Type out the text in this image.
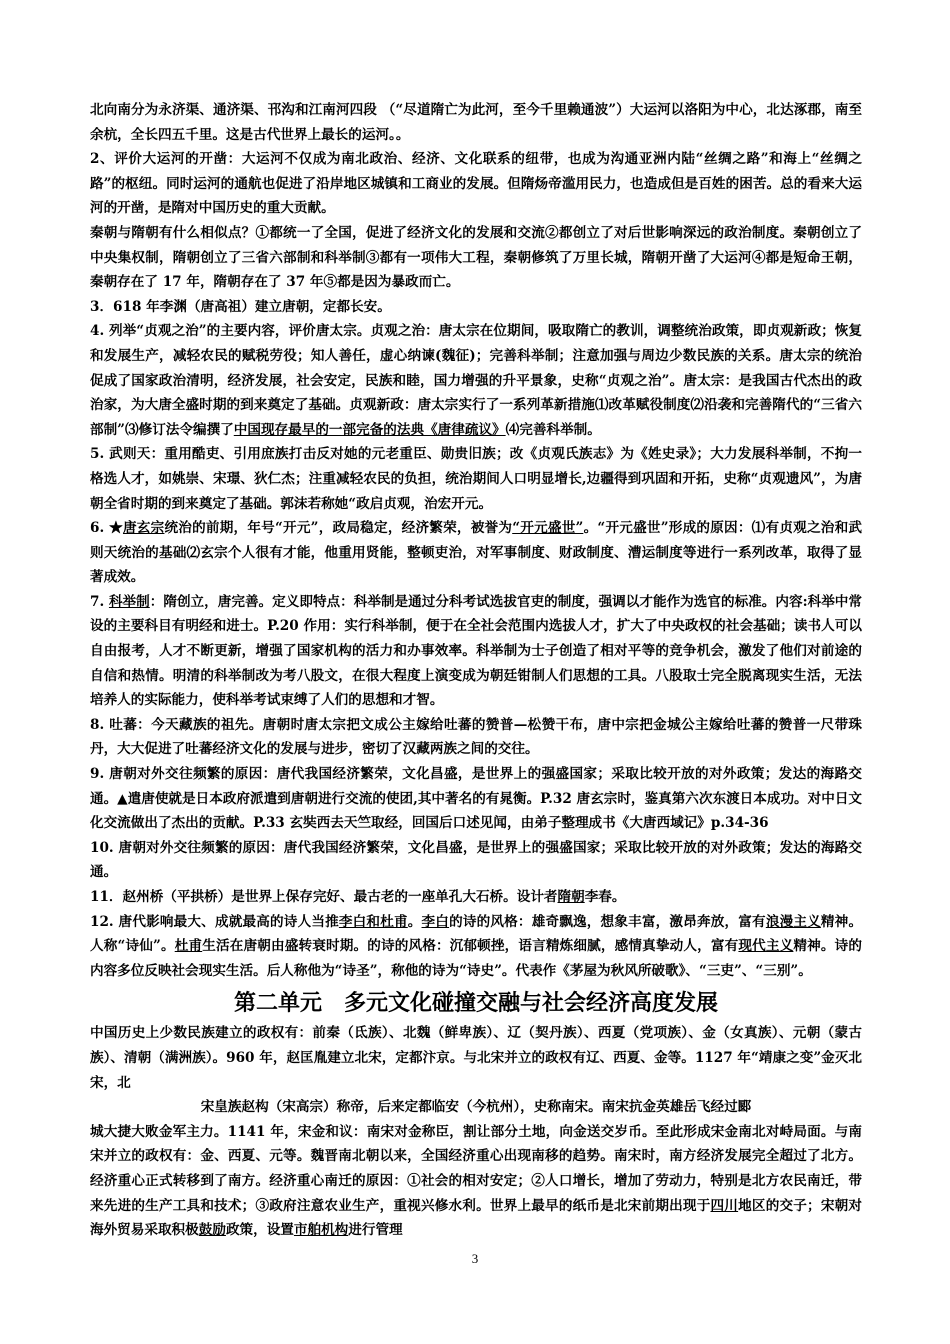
北向南分为永济渠、通济渠、邗沟和江南河四段 （“尽道隋亡为此河，至今千里赖通波”）大运河以洛阳为中心，北达涿郡，南至余杭，全长四五千里。这是古代世界上最长的运河。。

2、评价大运河的开凿：大运河不仅成为南北政治、经济、文化联系的纽带，也成为沟通亚洲内陆“丝绸之路”和海上“丝绸之路”的枢纽。同时运河的通航也促进了沿岸地区城镇和工商业的发展。但隋炀帝滥用民力，也造成但是百姓的困苦。总的看来大运河的开凿，是隋对中国历史的重大贡献。

秦朝与隋朝有什么相似点？①都统一了全国，促进了经济文化的发展和交流②都创立了对后世影响深远的政治制度。秦朝创立了中央集权制，隋朝创立了三省六部制和科举制③都有一项伟大工程，秦朝修筑了万里长城，隋朝开凿了大运河④都是短命王朝，秦朝存在了 17 年，隋朝存在了 37 年⑤都是因为暴政而亡。

3．618 年李渊（唐高祖）建立唐朝，定都长安。

4. 列举“贞观之治”的主要内容，评价唐太宗。贞观之治：唐太宗在位期间，吸取隋亡的教训，调整统治政策，即贞观新政；恢复和发展生产，减轻农民的赋税劳役；知人善任，虚心纳谏(魏征)；完善科举制；注意加强与周边少数民族的关系。唐太宗的统治促成了国家政治清明，经济发展，社会安定，民族和睦，国力增强的升平景象，史称“贞观之治”。唐太宗：是我国古代杰出的政治家，为大唐全盛时期的到来奠定了基础。贞观新政：唐太宗实行了一系列革新措施⑴改革赋役制度⑵沿袭和完善隋代的“三省六部制”⑶修订法令编撰了中国现存最早的一部完备的法典《唐律疏议》⑷完善科举制。

5. 武则天：重用酷吏、引用庶族打击反对她的元老重臣、勋贵旧族；改《贞观氏族志》为《姓史录》；大力发展科举制，不拘一格选人才，如姚崇、宋璟、狄仁杰；注重减轻农民的负担，统治期间人口明显增长,边疆得到巩固和开拓，史称“贞观遗风”，为唐朝全省时期的到来奠定了基础。郭沫若称她“政启贞观，治宏开元。

6. ★唐玄宗统治的前期，年号“开元”，政局稳定，经济繁荣，被誉为“开元盛世”。“开元盛世”形成的原因：⑴有贞观之治和武则天统治的基础⑵玄宗个人很有才能，他重用贤能，整顿吏治，对军事制度、财政制度、漕运制度等进行一系列改革，取得了显著成效。

7. 科举制：隋创立，唐完善。定义即特点：科举制是通过分科考试选拔官吏的制度，强调以才能作为选官的标准。内容:科举中常设的主要科目有明经和进士。P.20 作用：实行科举制，便于在全社会范围内选拔人才，扩大了中央政权的社会基础；读书人可以自由报考，人才不断更新，增强了国家机构的活力和办事效率。科举制为士子创造了相对平等的竞争机会，激发了他们对前途的自信和热情。明清的科举制改为考八股文，在很大程度上演变成为朝廷钳制人们思想的工具。八股取士完全脱离现实生活，无法培养人的实际能力，使科举考试束缚了人们的思想和才智。

8. 吐蕃：今天藏族的祖先。唐朝时唐太宗把文成公主嫁给吐蕃的赞普—松赞干布，唐中宗把金城公主嫁给吐蕃的赞普一尺带珠丹，大大促进了吐蕃经济文化的发展与进步，密切了汉藏两族之间的交往。

9. 唐朝对外交往频繁的原因：唐代我国经济繁荣，文化昌盛，是世界上的强盛国家；采取比较开放的对外政策；发达的海路交通。▲遣唐使就是日本政府派遣到唐朝进行交流的使团,其中著名的有晁衡。P.32 唐玄宗时，鉴真第六次东渡日本成功。对中日文化交流做出了杰出的贡献。P.33 玄奘西去天竺取经，回国后口述见闻，由弟子整理成书《大唐西域记》p.34-36

10. 唐朝对外交往频繁的原因：唐代我国经济繁荣，文化昌盛，是世界上的强盛国家；采取比较开放的对外政策；发达的海路交通。

11．赵州桥（平拱桥）是世界上保存完好、最古老的一座单孔大石桥。设计者隋朝李春。

12. 唐代影响最大、成就最高的诗人当推李白和杜甫。李白的诗的风格：雄奇飘逸，想象丰富，激昂奔放，富有浪漫主义精神。人称“诗仙”。杜甫生活在唐朝由盛转衰时期。的诗的风格：沉郁顿挫，语言精炼细腻，感情真挚动人，富有现代主义精神。诗的内容多位反映社会现实生活。后人称他为“诗圣”，称他的诗为“诗史”。代表作《茅屋为秋风所破歌》、“三吏”、“三别”。

第二单元　多元文化碰撞交融与社会经济高度发展

中国历史上少数民族建立的政权有：前秦（氐族）、北魏（鲜卑族）、辽（契丹族）、西夏（党项族）、金（女真族）、元朝（蒙古族）、清朝（满洲族）。960 年，赵匡胤建立北宋，定都汴京。与北宋并立的政权有辽、西夏、金等。1127 年“靖康之变”金灭北宋，北

宋皇族赵构（宋高宗）称帝，后来定都临安（今杭州），史称南宋。南宋抗金英雄岳飞经过郾

城大捷大败金军主力。1141 年，宋金和议：南宋对金称臣，割让部分土地，向金送交岁币。至此形成宋金南北对峙局面。与南宋并立的政权有：金、西夏、元等。魏晋南北朝以来，全国经济重心出现南移的趋势。南宋时，南方经济发展完全超过了北方。经济重心正式转移到了南方。经济重心南迁的原因：①社会的相对安定；②人口增长，增加了劳动力，特别是北方农民南迁，带来先进的生产工具和技术；③政府注意农业生产，重视兴修水利。世界上最早的纸币是北宋前期出现于四川地区的交子；宋朝对海外贸易采取积极鼓励政策，设置市舶机构进行管理

3
